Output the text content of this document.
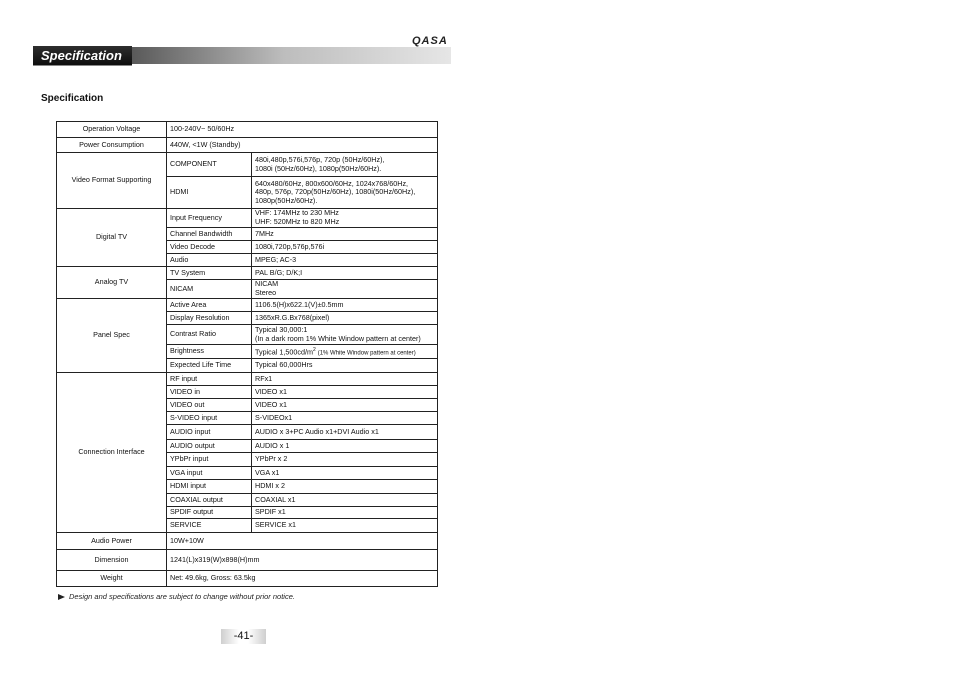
QASA
Specification
Specification
Operation Voltage	100-240V~ 50/60Hz	
Power Consumption	440W, <1W (Standby)	
Video Format Supporting	COMPONENT	480i,480p,576i,576p, 720p (50Hz/60Hz),
1080i (50Hz/60Hz), 1080p(50Hz/60Hz).

	HDMI	640x480/60Hz, 800x600/60Hz, 1024x768/60Hz,
480p, 576p, 720p(50Hz/60Hz), 1080i(50Hz/60Hz),
1080p(50Hz/60Hz).

Digital TV	Input Frequency	VHF: 174MHz to 230 MHz
UHF: 520MHz to 820 MHz

	Channel Bandwidth	7MHz
	Video Decode	1080i,720p,576p,576i
	Audio	MPEG; AC-3
Analog TV	TV System	PAL B/G; D/K;I
	NICAM	NICAM
Stereo

Panel Spec	Active Area	1106.5(H)x622.1(V)±0.5mm
	Display Resolution	1365xR.G.Bx768(pixel)
	Contrast Ratio	Typical 30,000:1
(In a dark room 1% White Window pattern at center)

	Brightness	Typical $1,500cd/m^2$ (1% White Window pattern at center)
	Expected Life Time	Typical 60,000Hrs
Connection Interface	RF input	RFx1
	VIDEO in	VIDEO x1
	VIDEO out	VIDEO x1
	S-VIDEO input	S-VIDEOx1
	AUDIO input	AUDIO x 3+PC Audio x1+DVI Audio x1
	AUDIO output	AUDIO x 1
	YPbPr input	YPbPr x 2
	VGA input	VGA x1
	HDMI input	HDMI x 2
	COAXIAL output	COAXIAL x1
	SPDIF output	SPDIF x1
	SERVICE	SERVICE x1
Audio Power	10W+10W	
Dimension	1241(L)x319(W)x898(H)mm	
Weight	Net: 49.6kg, Gross: 63.5kg	
Design and specifications are subject to change without prior notice.
-41-
